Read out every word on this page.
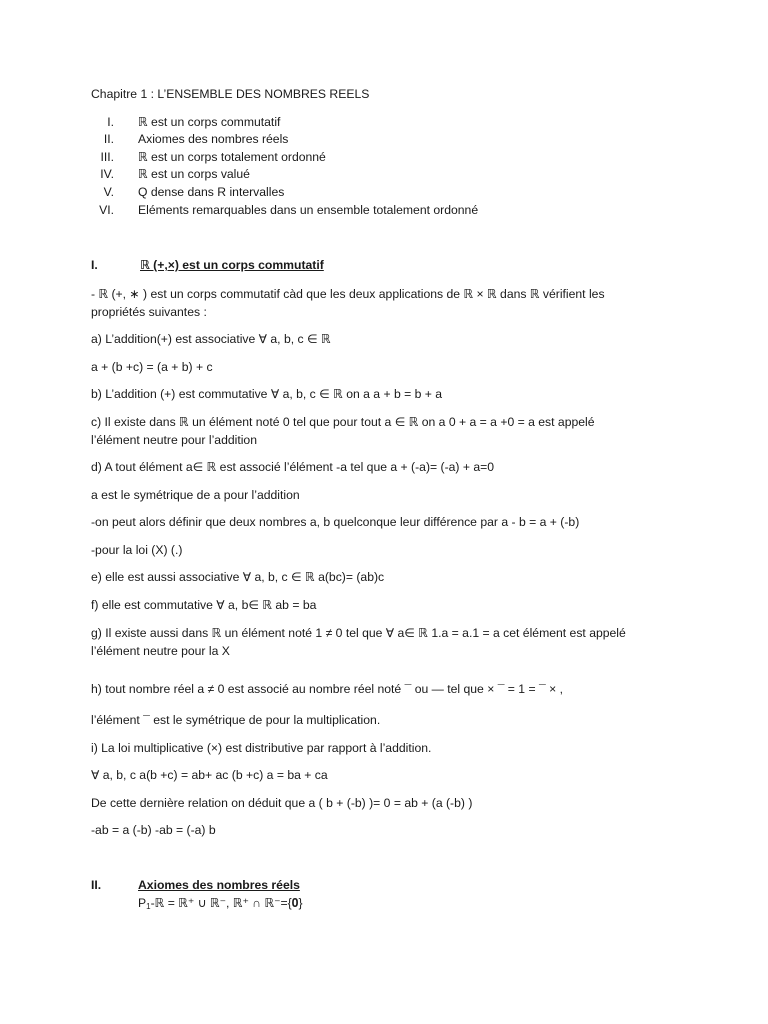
Chapitre 1 : L’ENSEMBLE DES NOMBRES REELS
I. ℝ est un corps commutatif
II. Axiomes des nombres réels
III. ℝ est un corps totalement ordonné
IV. ℝ est un corps valué
V. Q dense dans R intervalles
VI. Eléments remarquables dans un ensemble totalement ordonné
I.	ℝ (+,×) est un corps commutatif
- ℝ (+, ∗ ) est un corps commutatif càd que les deux applications de ℝ × ℝ dans ℝ vérifient les
propriétés suivantes :
a) L’addition(+) est associative ∀ a, b, c ∈ ℝ
a + (b +c) = (a + b) + c
b) L’addition (+) est commutative ∀ a, b, c ∈ ℝ on a a + b = b + a
c) Il existe dans ℝ un élément noté 0 tel que pour tout a ∈ ℝ on a 0 + a = a +0 = a est appelé
l’élément neutre pour l’addition
d) A tout élément a∈ ℝ est associé l’élément -a tel que a + (-a)= (-a) + a=0
a est le symétrique de a pour l’addition
-on peut alors définir que deux nombres a, b quelconque leur différence par a - b = a + (-b)
-pour la loi (X) (.)
e) elle est aussi associative ∀ a, b, c ∈ ℝ a(bc)= (ab)c
f) elle est commutative ∀ a, b∈ ℝ ab = ba
g) Il existe aussi dans ℝ un élément noté 1 ≠ 0 tel que ∀ a∈ ℝ 1.a = a.1 = a cet élément est appelé
l’élément neutre pour la X
h) tout nombre réel a ≠ 0 est associé au nombre réel noté ¯ ou — tel que × ¯ = 1 = ¯ × ,
l’élément ¯ est le symétrique de pour la multiplication.
i) La loi multiplicative (×) est distributive par rapport à l’addition.
∀ a, b, c a(b +c) = ab+ ac (b +c) a = ba + ca
De cette dernière relation on déduit que a ( b + (-b) )= 0 = ab + (a (-b) )
-ab = a (-b) -ab = (-a) b
II.	Axiomes des nombres réels
$P_1-ℝ$ = ℝ⁺ ∪ ℝ⁻, ℝ⁺ ∩ ℝ⁻={𝟎}
